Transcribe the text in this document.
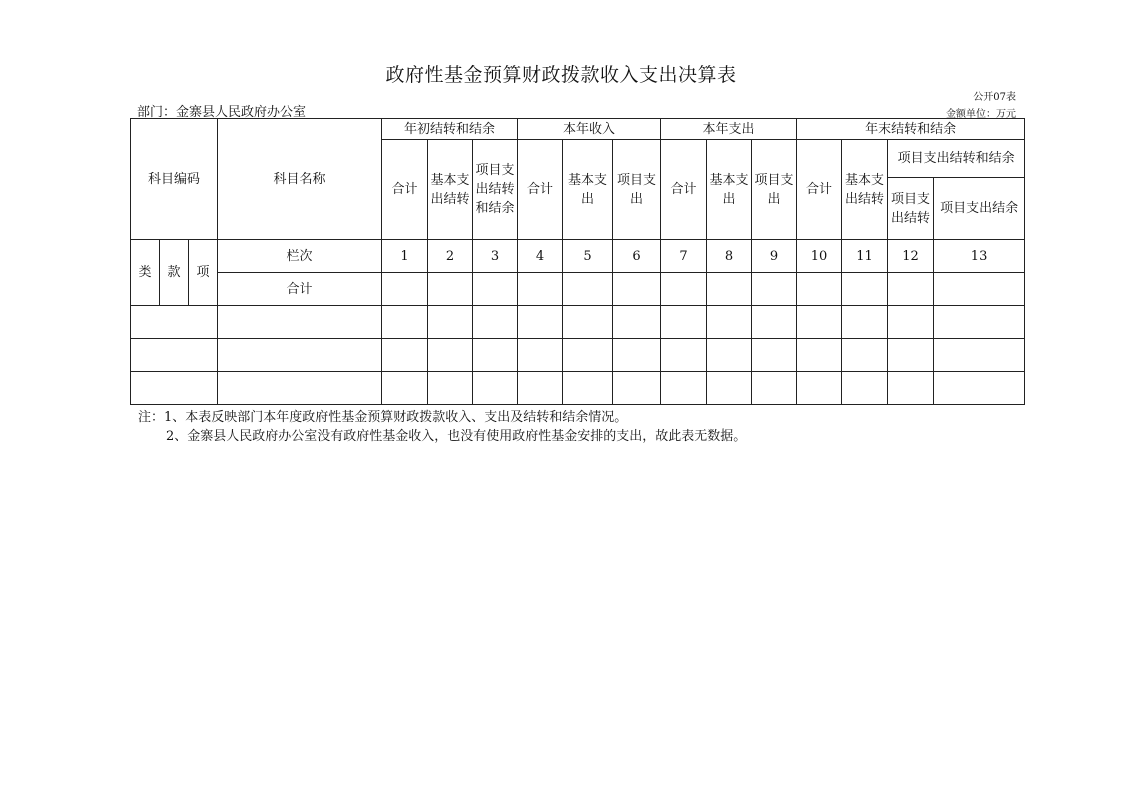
政府性基金预算财政拨款收入支出决算表
公开07表
金额单位：万元
部门：金寨县人民政府办公室
科目编码			科目名称	年初结转和结余			本年收入			本年支出			年末结转和结余			
				合计	基本支出结转	项目支出结转和结余	合计	基本支出	项目支出	合计	基本支出	项目支出	合计	基本支出结转	项目支出结转和结余	
															项目支出结转	项目支出结余
类	款	项	栏次	1	2	3	4	5	6	7	8	9	10	11	12	13
			合计													

注：1、本表反映部门本年度政府性基金预算财政拨款收入、支出及结转和结余情况。
2、金寨县人民政府办公室没有政府性基金收入，也没有使用政府性基金安排的支出，故此表无数据。
